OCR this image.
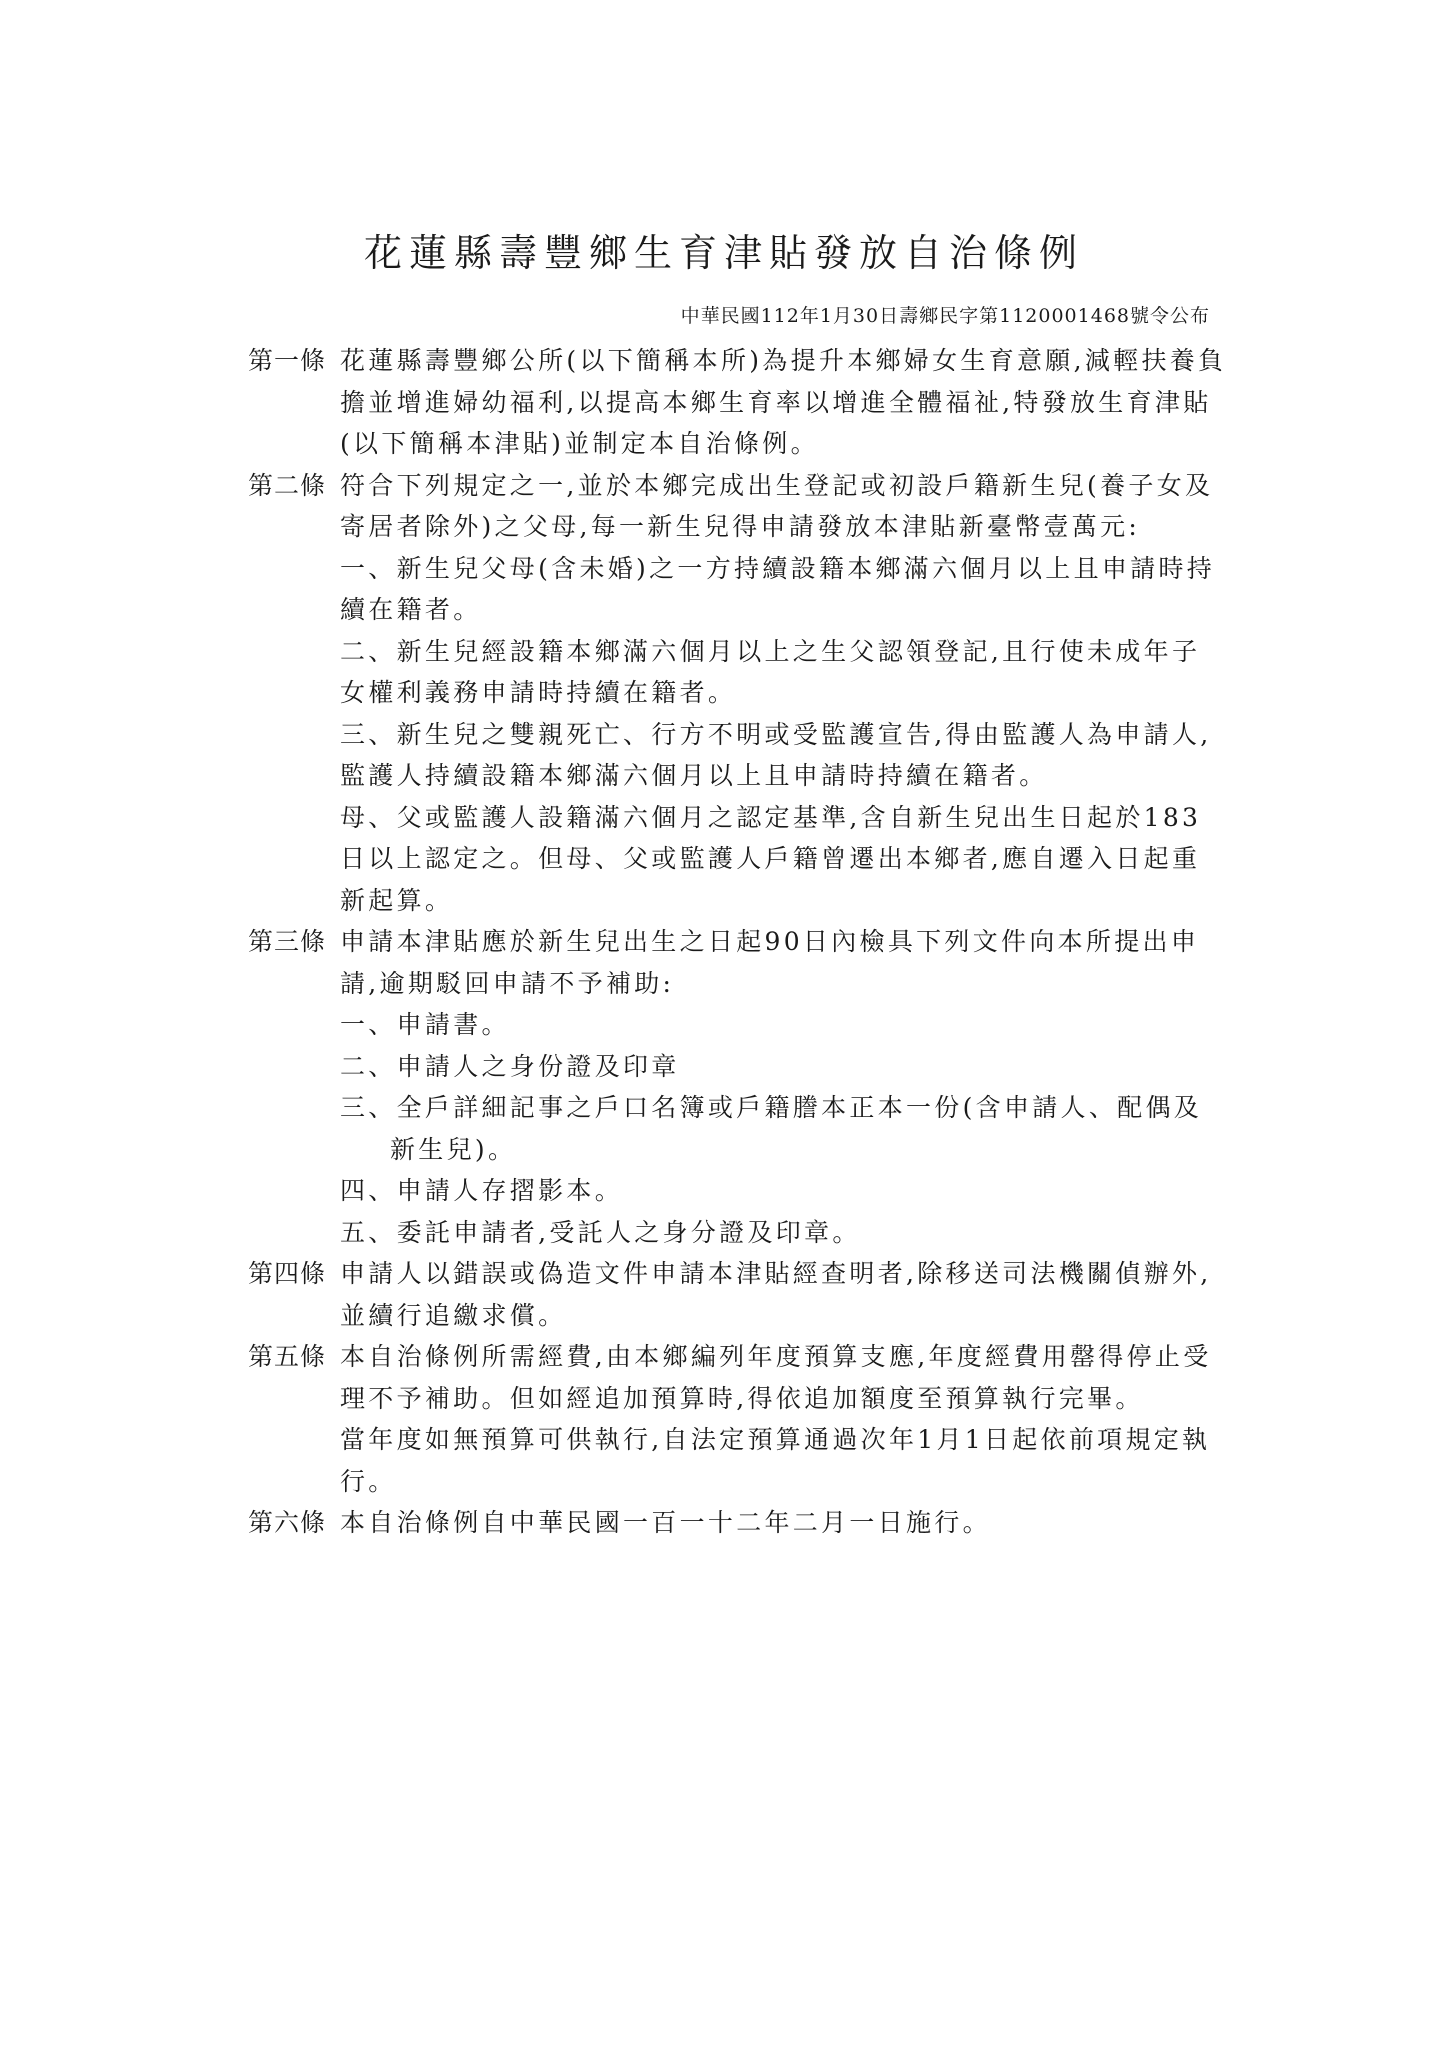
花蓮縣壽豐鄉生育津貼發放自治條例
中華民國112年1月30日壽鄉民字第1120001468號令公布
第一條 花蓮縣壽豐鄉公所(以下簡稱本所)為提升本鄉婦女生育意願,減輕扶養負擔並增進婦幼福利,以提高本鄉生育率以增進全體福祉,特發放生育津貼(以下簡稱本津貼)並制定本自治條例。

第二條 符合下列規定之一,並於本鄉完成出生登記或初設戶籍新生兒(養子女及寄居者除外)之父母,每一新生兒得申請發放本津貼新臺幣壹萬元:

一、新生兒父母(含未婚)之一方持續設籍本鄉滿六個月以上且申請時持續在籍者。

二、新生兒經設籍本鄉滿六個月以上之生父認領登記,且行使未成年子女權利義務申請時持續在籍者。

三、新生兒之雙親死亡、行方不明或受監護宣告,得由監護人為申請人,監護人持續設籍本鄉滿六個月以上且申請時持續在籍者。

母、父或監護人設籍滿六個月之認定基準,含自新生兒出生日起於183日以上認定之。但母、父或監護人戶籍曾遷出本鄉者,應自遷入日起重新起算。

第三條 申請本津貼應於新生兒出生之日起90日內檢具下列文件向本所提出申請,逾期駁回申請不予補助:

一、申請書。

二、申請人之身份證及印章

三、全戶詳細記事之戶口名簿或戶籍謄本正本一份(含申請人、配偶及新生兒)。

四、申請人存摺影本。

五、委託申請者,受託人之身分證及印章。

第四條 申請人以錯誤或偽造文件申請本津貼經查明者,除移送司法機關偵辦外,並續行追繳求償。

第五條 本自治條例所需經費,由本鄉編列年度預算支應,年度經費用罄得停止受理不予補助。但如經追加預算時,得依追加額度至預算執行完畢。

當年度如無預算可供執行,自法定預算通過次年1月1日起依前項規定執行。

第六條 本自治條例自中華民國一百一十二年二月一日施行。
